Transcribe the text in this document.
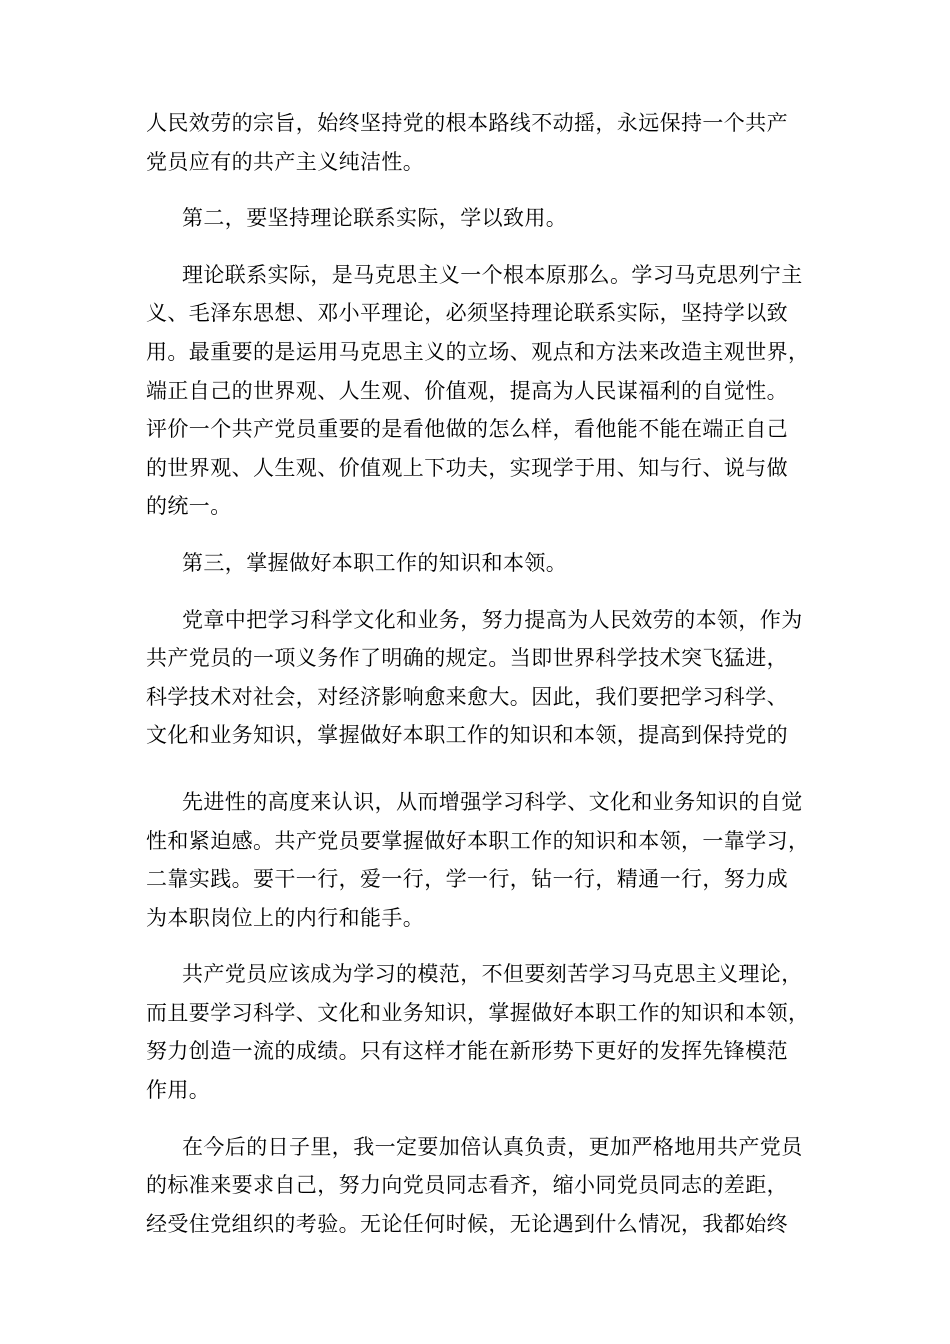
人民效劳的宗旨，始终坚持党的根本路线不动摇，永远保持一个共产
党员应有的共产主义纯洁性。

第二，要坚持理论联系实际，学以致用。

理论联系实际，是马克思主义一个根本原那么。学习马克思列宁主
义、毛泽东思想、邓小平理论，必须坚持理论联系实际，坚持学以致
用。最重要的是运用马克思主义的立场、观点和方法来改造主观世界，
端正自己的世界观、人生观、价值观，提高为人民谋福利的自觉性。
评价一个共产党员重要的是看他做的怎么样，看他能不能在端正自己
的世界观、人生观、价值观上下功夫，实现学于用、知与行、说与做
的统一。

第三，掌握做好本职工作的知识和本领。

党章中把学习科学文化和业务，努力提高为人民效劳的本领，作为
共产党员的一项义务作了明确的规定。当即世界科学技术突飞猛进，
科学技术对社会，对经济影响愈来愈大。因此，我们要把学习科学、
文化和业务知识，掌握做好本职工作的知识和本领，提高到保持党的

先进性的高度来认识，从而增强学习科学、文化和业务知识的自觉
性和紧迫感。共产党员要掌握做好本职工作的知识和本领，一靠学习，
二靠实践。要干一行，爱一行，学一行，钻一行，精通一行，努力成
为本职岗位上的内行和能手。

共产党员应该成为学习的模范，不但要刻苦学习马克思主义理论，
而且要学习科学、文化和业务知识，掌握做好本职工作的知识和本领，
努力创造一流的成绩。只有这样才能在新形势下更好的发挥先锋模范
作用。

在今后的日子里，我一定要加倍认真负责，更加严格地用共产党员
的标准来要求自己，努力向党员同志看齐，缩小同党员同志的差距，
经受住党组织的考验。无论任何时候，无论遇到什么情况，我都始终
